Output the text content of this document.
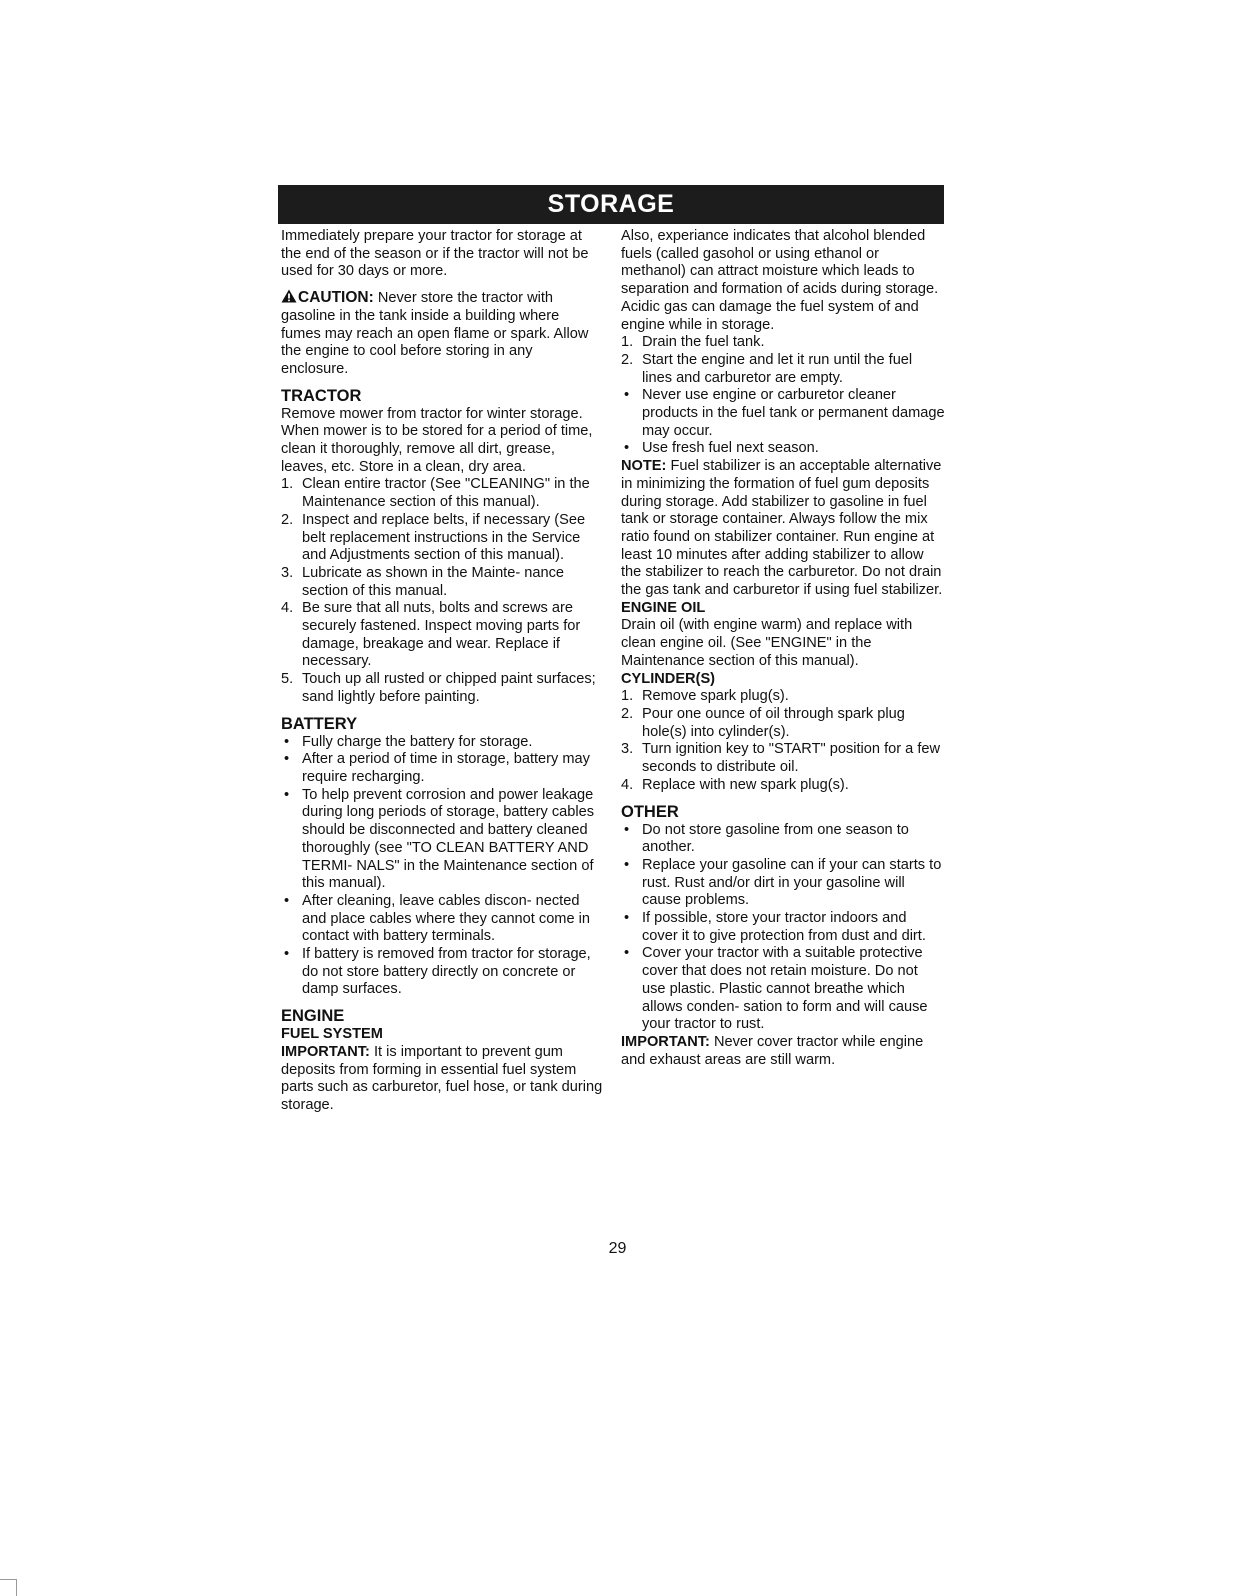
STORAGE

Immediately prepare your tractor for storage at the end of the season or if the tractor will not be used for 30 days or more.

CAUTION: Never store the tractor with gasoline in the tank inside a building where fumes may reach an open flame or spark. Allow the engine to cool before storing in any enclosure.

TRACTOR

Remove mower from tractor for winter storage. When mower is to be stored for a period of time, clean it thoroughly, remove all dirt, grease, leaves, etc. Store in a clean, dry area.

1. Clean entire tractor (See "CLEANING" in the Maintenance section of this manual).
2. Inspect and replace belts, if necessary (See belt replacement instructions in the Service and Adjustments section of this manual).
3. Lubricate as shown in the Mainte- nance section of this manual.
4. Be sure that all nuts, bolts and screws are securely fastened. Inspect moving parts for damage, breakage and wear. Replace if necessary.
5. Touch up all rusted or chipped paint surfaces; sand lightly before painting.
BATTERY
• Fully charge the battery for storage.
• After a period of time in storage, battery may require recharging.
• To help prevent corrosion and power leakage during long periods of storage, battery cables should be disconnected and battery cleaned thoroughly (see "TO CLEAN BATTERY AND TERMI- NALS" in the Maintenance section of this manual).
• After cleaning, leave cables discon- nected and place cables where they cannot come in contact with battery terminals.
• If battery is removed from tractor for storage, do not store battery directly on concrete or damp surfaces.
ENGINE
FUEL SYSTEM

IMPORTANT: It is important to prevent gum deposits from forming in essential fuel system parts such as carburetor, fuel hose, or tank during storage.

Also, experiance indicates that alcohol blended fuels (called gasohol or using ethanol or methanol) can attract moisture which leads to separation and formation of acids during storage. Acidic gas can damage the fuel system of and engine while in storage.

1. Drain the fuel tank.
2. Start the engine and let it run until the fuel lines and carburetor are empty.
• Never use engine or carburetor cleaner products in the fuel tank or permanent damage may occur.
• Use fresh fuel next season.

NOTE: Fuel stabilizer is an acceptable alternative in minimizing the formation of fuel gum deposits during storage. Add stabilizer to gasoline in fuel tank or storage container. Always follow the mix ratio found on stabilizer container. Run engine at least 10 minutes after adding stabilizer to allow the stabilizer to reach the carburetor. Do not drain the gas tank and carburetor if using fuel stabilizer.

ENGINE OIL

Drain oil (with engine warm) and replace with clean engine oil. (See "ENGINE" in the Maintenance section of this manual).

CYLINDER(S)
1. Remove spark plug(s).
2. Pour one ounce of oil through spark plug hole(s) into cylinder(s).
3. Turn ignition key to "START" position for a few seconds to distribute oil.
4. Replace with new spark plug(s).
OTHER
• Do not store gasoline from one season to another.
• Replace your gasoline can if your can starts to rust. Rust and/or dirt in your gasoline will cause problems.
• If possible, store your tractor indoors and cover it to give protection from dust and dirt.
• Cover your tractor with a suitable protective cover that does not retain moisture. Do not use plastic. Plastic cannot breathe which allows conden- sation to form and will cause your tractor to rust.

IMPORTANT: Never cover tractor while engine and exhaust areas are still warm.

29
